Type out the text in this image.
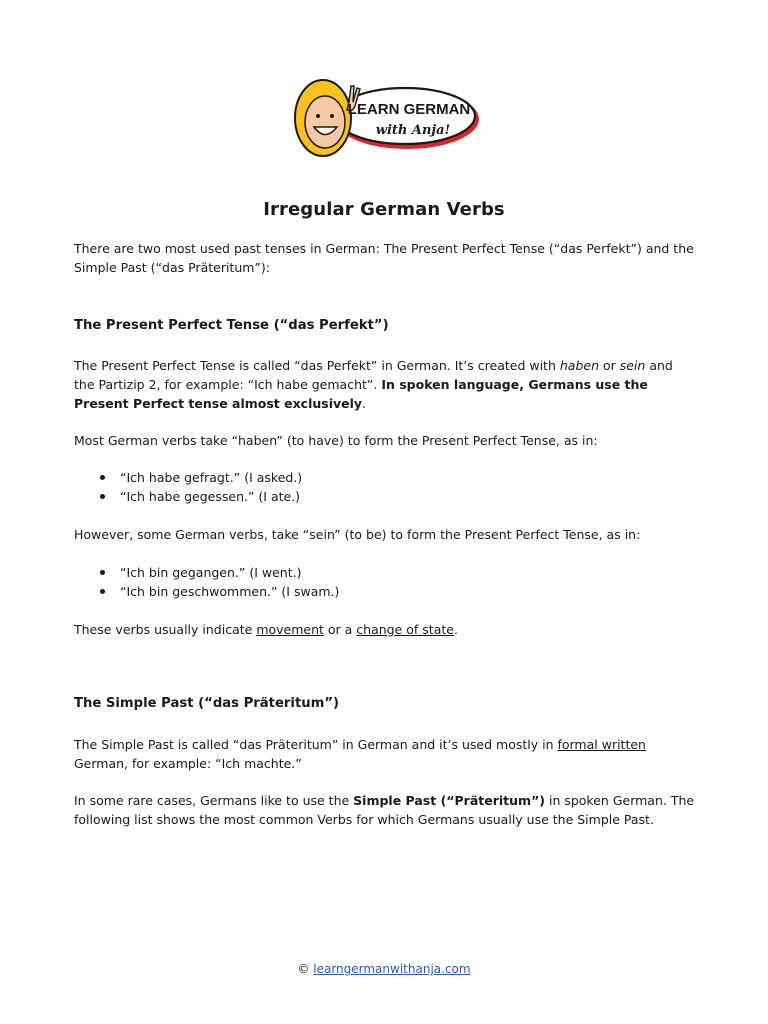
LEARN GERMAN
with Anja!
Irregular German Verbs
There are two most used past tenses in German: The Present Perfect Tense (“das Perfekt”) and the Simple Past (“das Präteritum”):
The Present Perfect Tense (“das Perfekt”)
The Present Perfect Tense is called “das Perfekt” in German. It’s created with haben or sein and the Partizip 2, for example: “Ich habe gemacht”. In spoken language, Germans use the Present Perfect tense almost exclusively.
Most German verbs take “haben” (to have) to form the Present Perfect Tense, as in:
“Ich habe gefragt.” (I asked.)
“Ich habe gegessen.” (I ate.)
However, some German verbs, take “sein” (to be) to form the Present Perfect Tense, as in:
“Ich bin gegangen.” (I went.)
“Ich bin geschwommen.” (I swam.)
These verbs usually indicate movement or a change of state.
The Simple Past (“das Präteritum”)
The Simple Past is called “das Präteritum” in German and it’s used mostly in formal written German, for example: “Ich machte.”
In some rare cases, Germans like to use the Simple Past (“Präteritum”) in spoken German. The following list shows the most common Verbs for which Germans usually use the Simple Past.
© learngermanwithanja.com
